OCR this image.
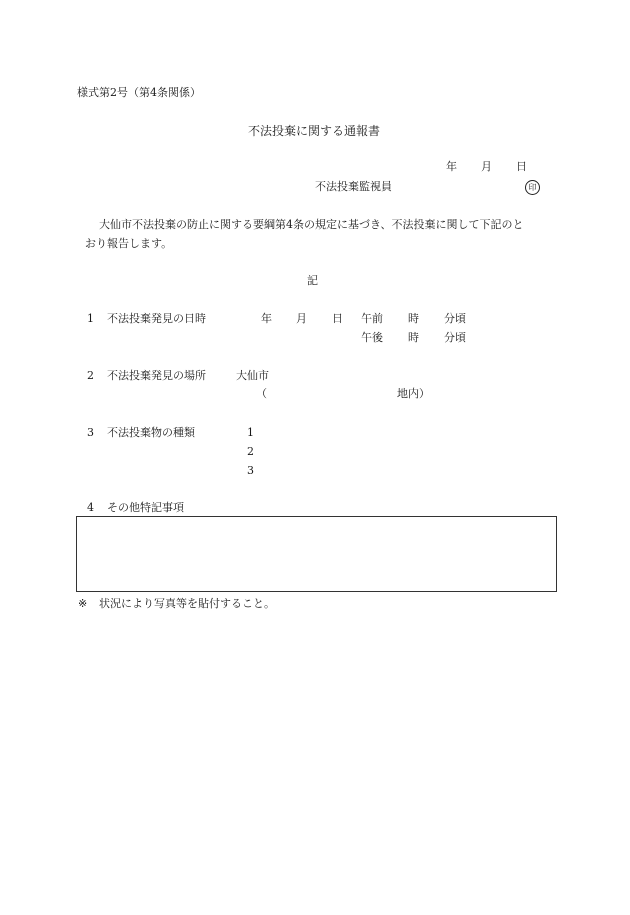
様式第2号（第4条関係）
不法投棄に関する通報書
年 月 日
不法投棄監視員	印
大仙市不法投棄の防止に関する要綱第4条の規定に基づき、不法投棄に関して下記のと
おり報告します。
記
1 不法投棄発見の日時	年 月 日 午前 時 分頃
午後 時 分頃
2 不法投棄発見の場所	大仙市
（	地内）
3 不法投棄物の種類	1
2
3
4 その他特記事項
※ 状況により写真等を貼付すること。
